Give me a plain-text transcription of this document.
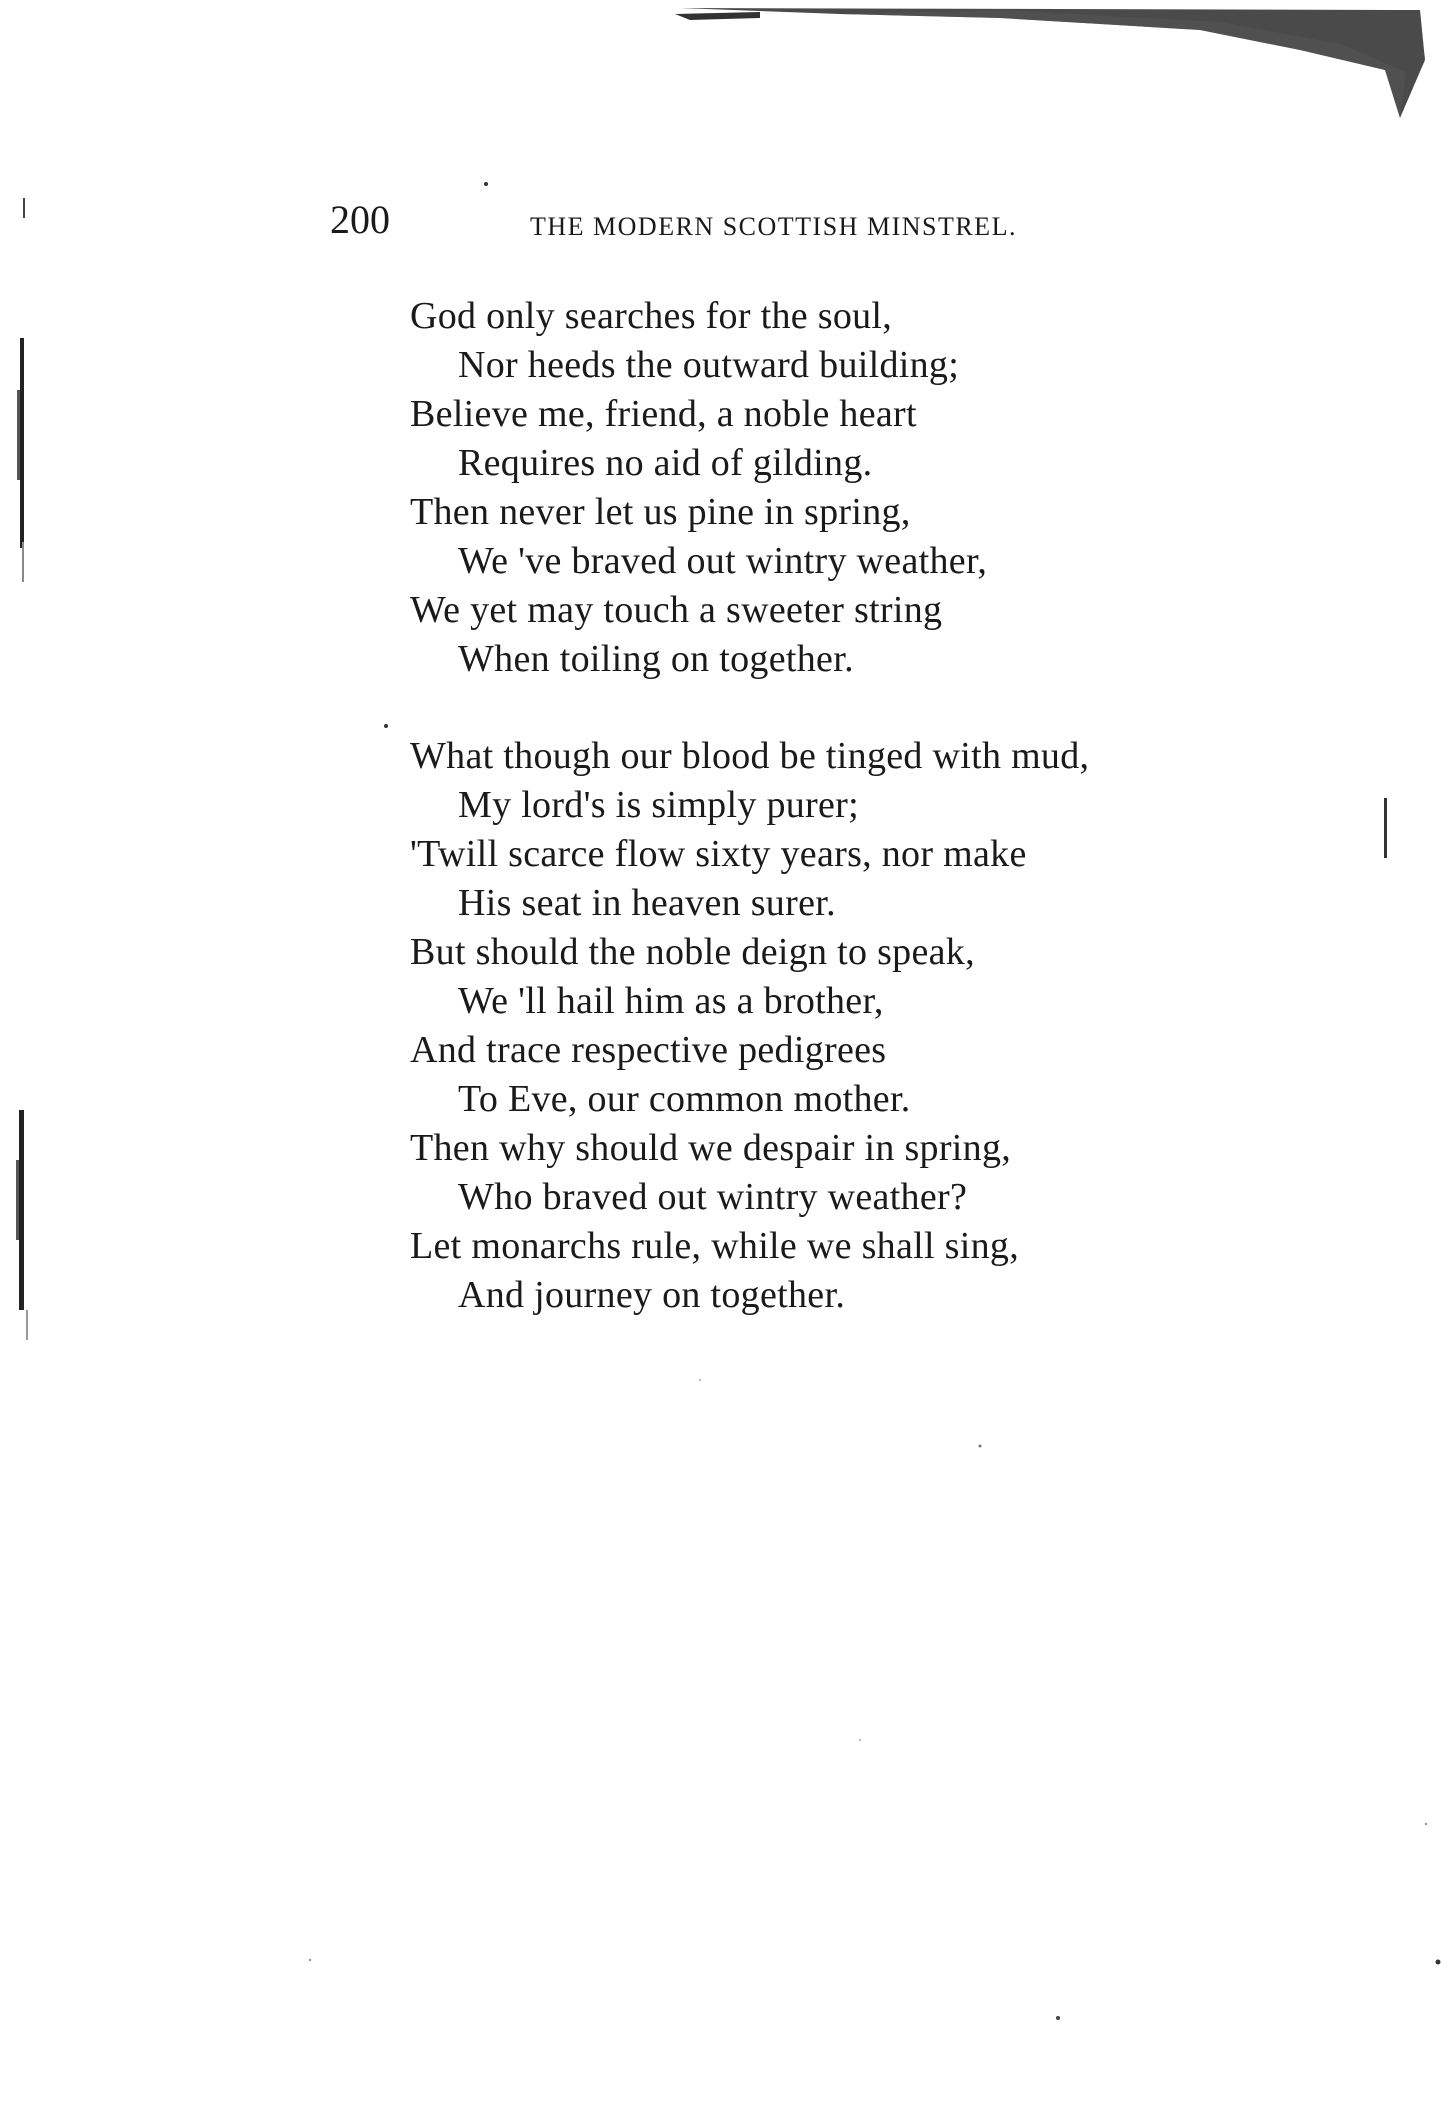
200	THE MODERN SCOTTISH MINSTREL.
God only searches for the soul,
Nor heeds the outward building;
Believe me, friend, a noble heart
Requires no aid of gilding.
Then never let us pine in spring,
We 've braved out wintry weather,
We yet may touch a sweeter string
When toiling on together.
What though our blood be tinged with mud,
My lord's is simply purer;
'Twill scarce flow sixty years, nor make
His seat in heaven surer.
But should the noble deign to speak,
We 'll hail him as a brother,
And trace respective pedigrees
To Eve, our common mother.
Then why should we despair in spring,
Who braved out wintry weather?
Let monarchs rule, while we shall sing,
And journey on together.
